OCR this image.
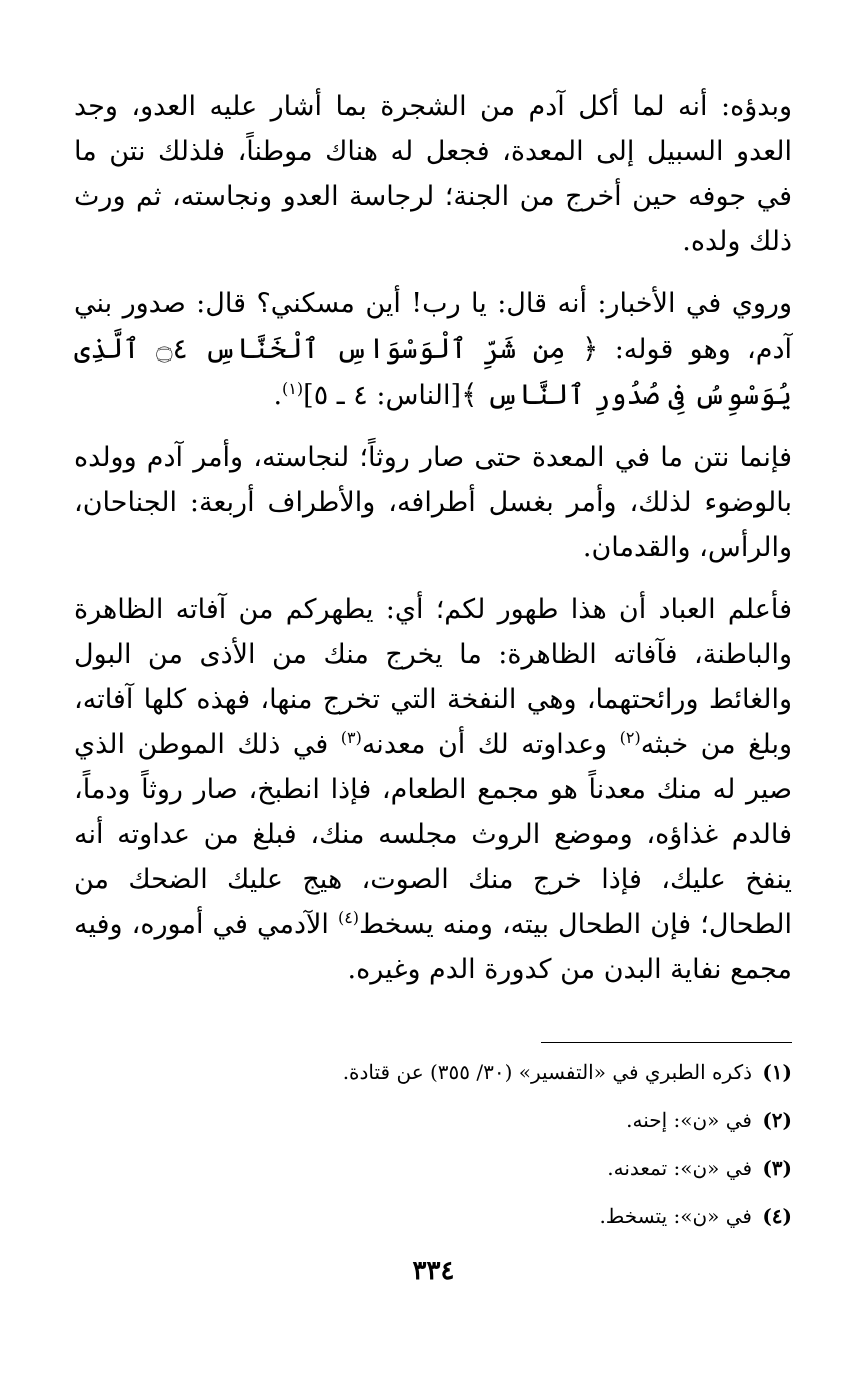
وبدؤه: أنه لما أكل آدم من الشجرة بما أشار عليه العدو، وجد العدو السبيل إلى المعدة، فجعل له هناك موطناً، فلذلك نتن ما في جوفه حين أخرج من الجنة؛ لرجاسة العدو ونجاسته، ثم ورث ذلك ولده.

وروي في الأخبار: أنه قال: يا رب! أين مسكني؟ قال: صدور بني آدم، وهو قوله: ﴿ مِن شَرِّ ٱلْوَسْوَاسِ ٱلْخَنَّاسِ ۝٤ ٱلَّذِى يُوَسْوِسُ فِى صُدُورِ ٱلنَّاسِ ﴾[الناس: ٤ ـ ٥]$^{(١)}$.

فإنما نتن ما في المعدة حتى صار روثاً؛ لنجاسته، وأمر آدم وولده بالوضوء لذلك، وأمر بغسل أطرافه، والأطراف أربعة: الجناحان، والرأس، والقدمان.

فأعلم العباد أن هذا طهور لكم؛ أي: يطهركم من آفاته الظاهرة والباطنة، فآفاته الظاهرة: ما يخرج منك من الأذى من البول والغائط ورائحتهما، وهي النفخة التي تخرج منها، فهذه كلها آفاته، وبلغ من خبثه$^{(٢)}$ وعداوته لك أن معدنه$^{(٣)}$ في ذلك الموطن الذي صير له منك معدناً هو مجمع الطعام، فإذا انطبخ، صار روثاً ودماً، فالدم غذاؤه، وموضع الروث مجلسه منك، فبلغ من عداوته أنه ينفخ عليك، فإذا خرج منك الصوت، هيج عليك الضحك من الطحال؛ فإن الطحال بيته، ومنه يسخط$^{(٤)}$ الآدمي في أموره، وفيه مجمع نفاية البدن من كدورة الدم وغيره.

(١)ذكره الطبري في «التفسير» (٣٠/ ٣٥٥) عن قتادة.
(٢)في «ن»: إحنه.
(٣)في «ن»: تمعدنه.
(٤)في «ن»: يتسخط.
٣٣٤
